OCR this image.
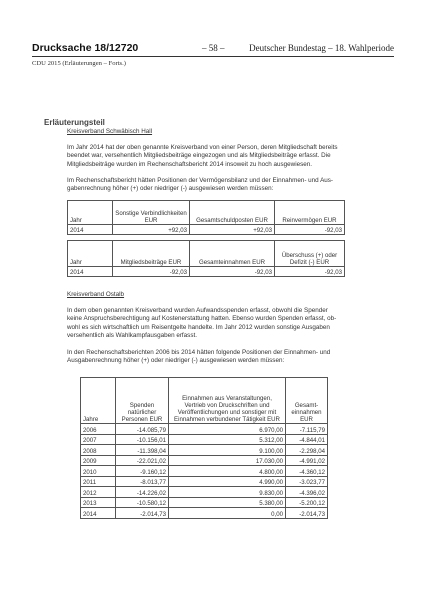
Drucksache 18/12720	– 58 –	Deutscher Bundestag – 18. Wahlperiode
CDU 2015 (Erläuterungen – Forts.)
Erläuterungsteil
Kreisverband Schwäbisch Hall
Im Jahr 2014 hat der oben genannte Kreisverband von einer Person, deren Mitgliedschaft bereits
beendet war, versehentlich Mitgliedsbeiträge eingezogen und als Mitgliedsbeiträge erfasst. Die
Mitgliedsbeiträge wurden im Rechenschaftsbericht 2014 insoweit zu hoch ausgewiesen.
Im Rechenschaftsbericht hätten Positionen der Vermögensbilanz und der Einnahmen- und Aus-
gabenrechnung höher (+) oder niedriger (-) ausgewiesen werden müssen:
Jahr	Sonstige Verbindlichkeiten EUR	Gesamtschuldposten EUR	Reinvermögen EUR
2014	+92,03	+92,03	-92,03
Jahr	Mitgliedsbeiträge EUR	Gesamteinnahmen EUR	Überschuss (+) oder Defizit (-) EUR
2014	-92,03	-92,03	-92,03
Kreisverband Ostalb
In dem oben genannten Kreisverband wurden Aufwandsspenden erfasst, obwohl die Spender
keine Anspruchsberechtigung auf Kostenerstattung hatten. Ebenso wurden Spenden erfasst, ob-
wohl es sich wirtschaftlich um Reisentgelte handelte. Im Jahr 2012 wurden sonstige Ausgaben
versehentlich als Wahlkampfausgaben erfasst.
In den Rechenschaftsberichten 2006 bis 2014 hätten folgende Positionen der Einnahmen- und
Ausgabenrechnung höher (+) oder niedriger (-) ausgewiesen werden müssen:
Jahre	Spenden natürlicher Personen EUR	Einnahmen aus Veranstaltungen, Vertrieb von Druckschriften und Veröffentlichungen und sonstiger mit Einnahmen verbundener Tätigkeit EUR	Gesamt-einnahmen EUR
2006	-14.085,79	6.970,00	-7.115,79
2007	-10.156,01	5.312,00	-4.844,01
2008	-11.398,04	9.100,00	-2.298,04
2009	-22.021,02	17.030,00	-4.991,02
2010	-9.160,12	4.800,00	-4.360,12
2011	-8.013,77	4.990,00	-3.023,77
2012	-14.226,02	9.830,00	-4.396,02
2013	-10.580,12	5.380,00	-5.200,12
2014	-2.014,73	0,00	-2.014,73
